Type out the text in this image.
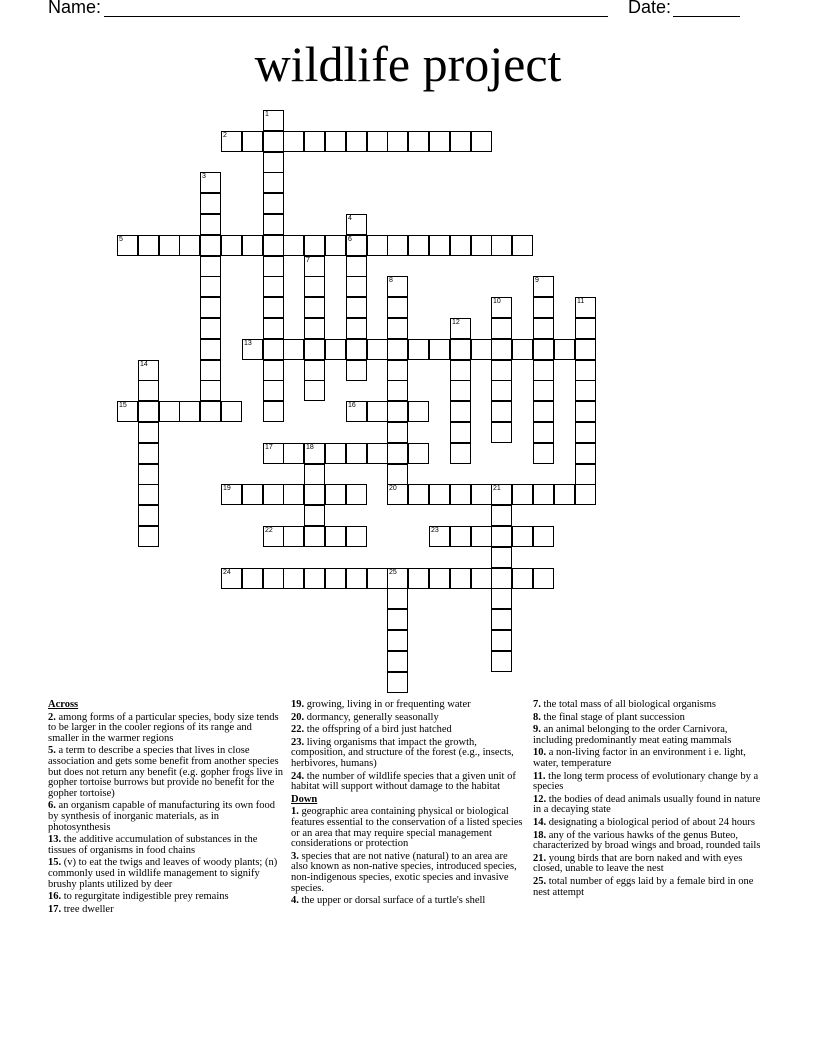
Name:	Date:
wildlife project
1
2
3
4
6
5
7
8
20
9
10	11
12
13
14
15	16
17	18
19	21
22	23
24	25
Across
2. among forms of a particular species, body size tends to be larger in the cooler regions of its range and smaller in the warmer regions
5. a term to describe a species that lives in close association and gets some benefit from another species but does not return any benefit (e.g. gopher frogs live in gopher tortoise burrows but provide no benefit for the gopher tortoise)
6. an organism capable of manufacturing its own food by synthesis of inorganic materials, as in photosynthesis
13. the additive accumulation of substances in the tissues of organisms in food chains
15. (v) to eat the twigs and leaves of woody plants; (n) commonly used in wildlife management to signify brushy plants utilized by deer
16. to regurgitate indigestible prey remains
17. tree dweller
19. growing, living in or frequenting water
20. dormancy, generally seasonally
22. the offspring of a bird just hatched
23. living organisms that impact the growth, composition, and structure of the forest (e.g., insects, herbivores, humans)
24. the number of wildlife species that a given unit of habitat will support without damage to the habitat
Down
1. geographic area containing physical or biological features essential to the conservation of a listed species or an area that may require special management considerations or protection
3. species that are not native (natural) to an area are also known as non-native species, introduced species, non-indigenous species, exotic species and invasive species.
4. the upper or dorsal surface of a turtle's shell
7. the total mass of all biological organisms
8. the final stage of plant succession
9. an animal belonging to the order Carnivora, including predominantly meat eating mammals
10. a non-living factor in an environment i e. light, water, temperature
11. the long term process of evolutionary change by a species
12. the bodies of dead animals usually found in nature in a decaying state
14. designating a biological period of about 24 hours
18. any of the various hawks of the genus Buteo, characterized by broad wings and broad, rounded tails
21. young birds that are born naked and with eyes closed, unable to leave the nest
25. total number of eggs laid by a female bird in one nest attempt
